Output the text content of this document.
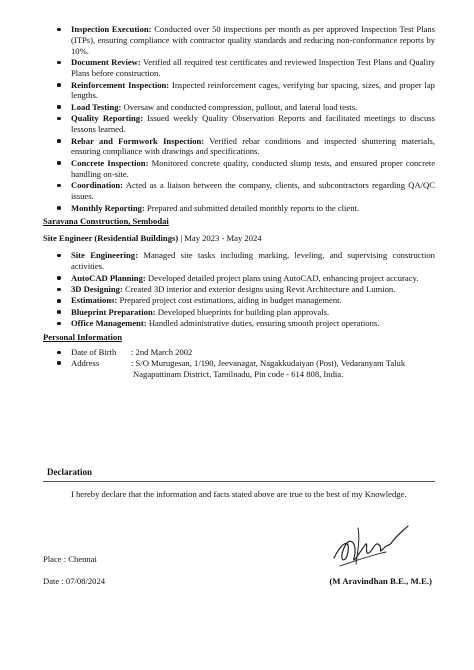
Inspection Execution: Conducted over 50 inspections per month as per approved Inspection Test Plans (ITPs), ensuring compliance with contractor quality standards and reducing non-conformance reports by 10%.
Document Review: Verified all required test certificates and reviewed Inspection Test Plans and Quality Plans before construction.
Reinforcement Inspection: Inspected reinforcement cages, verifying bar spacing, sizes, and proper lap lengths.
Load Testing: Oversaw and conducted compression, pullout, and lateral load tests.
Quality Reporting: Issued weekly Quality Observation Reports and facilitated meetings to discuss lessons learned.
Rebar and Formwork Inspection: Verified rebar conditions and inspected shuttering materials, ensuring compliance with drawings and specifications.
Concrete Inspection: Monitored concrete quality, conducted slump tests, and ensured proper concrete handling on-site.
Coordination: Acted as a liaison between the company, clients, and subcontractors regarding QA/QC issues.
Monthly Reporting: Prepared and submitted detailed monthly reports to the client.
Saravana Construction, Sembodai
Site Engineer (Residential Buildings) | May 2023 - May 2024
Site Engineering: Managed site tasks including marking, leveling, and supervising construction activities.
AutoCAD Planning: Developed detailed project plans using AutoCAD, enhancing project accuracy.
3D Designing: Created 3D interior and exterior designs using Revit Architecture and Lumion.
Estimations: Prepared project cost estimations, aiding in budget management.
Blueprint Preparation: Developed blueprints for building plan approvals.
Office Management: Handled administrative duties, ensuring smooth project operations.
Personal Information
Date of Birth	: 2nd March 2002
Address	: S/O Murugesan, 1/190, Jeevanagar, Nagakkudaiyan (Post), Vedaranyam Taluk
Nagapattinam District, Tamilnadu, Pin code - 614 808, India.
Declaration
I hereby declare that the information and facts stated above are true to the best of my Knowledge.
Place : Chennai
Date : 07/08/2024	(M Aravindhan B.E., M.E.)
